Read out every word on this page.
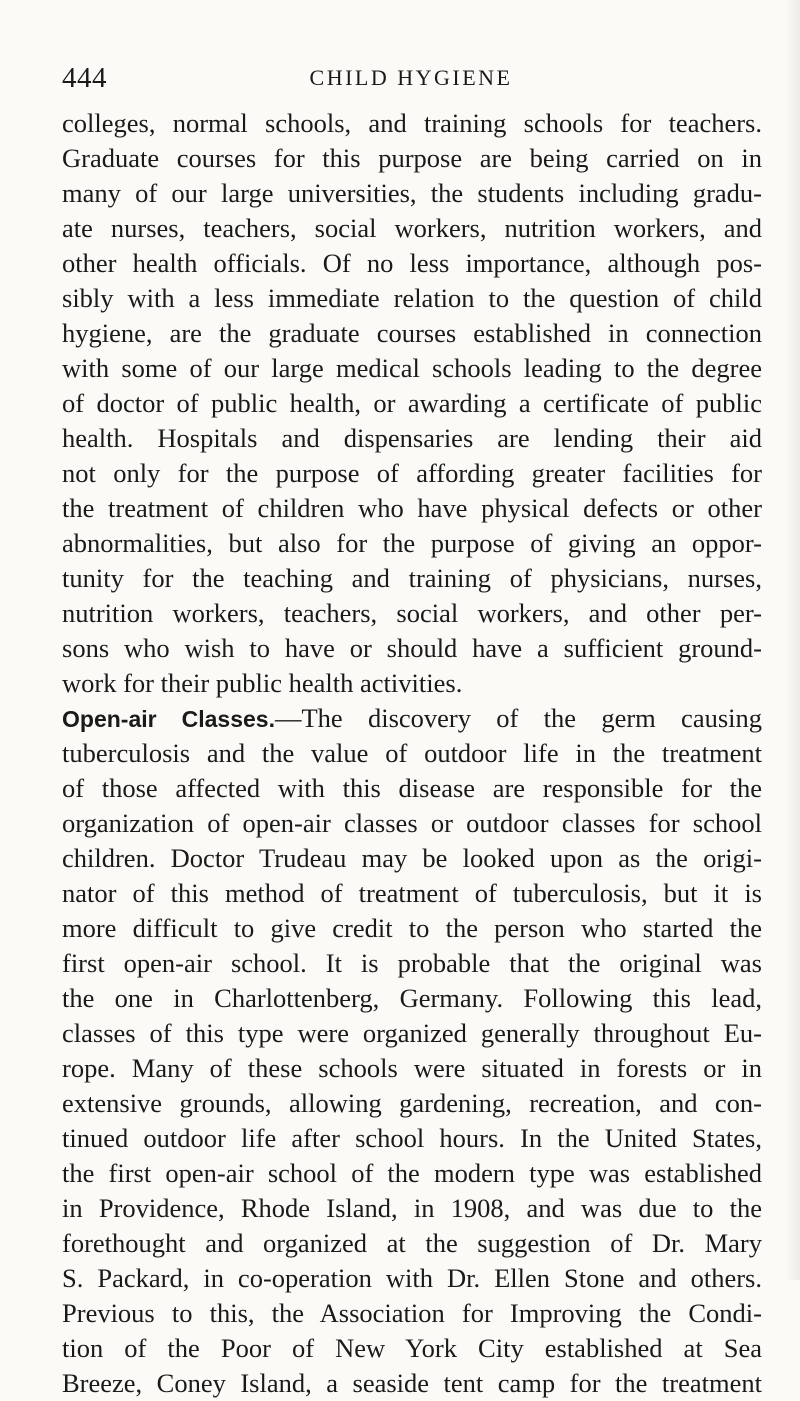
444	CHILD HYGIENE
colleges, normal schools, and training schools for teachers.
Graduate courses for this purpose are being carried on in
many of our large universities, the students including gradu-
ate nurses, teachers, social workers, nutrition workers, and
other health officials. Of no less importance, although pos-
sibly with a less immediate relation to the question of child
hygiene, are the graduate courses established in connection
with some of our large medical schools leading to the degree
of doctor of public health, or awarding a certificate of public
health. Hospitals and dispensaries are lending their aid
not only for the purpose of affording greater facilities for
the treatment of children who have physical defects or other
abnormalities, but also for the purpose of giving an oppor-
tunity for the teaching and training of physicians, nurses,
nutrition workers, teachers, social workers, and other per-
sons who wish to have or should have a sufficient ground-
work for their public health activities.
Open-air Classes.—The discovery of the germ causing
tuberculosis and the value of outdoor life in the treatment
of those affected with this disease are responsible for the
organization of open-air classes or outdoor classes for school
children. Doctor Trudeau may be looked upon as the origi-
nator of this method of treatment of tuberculosis, but it is
more difficult to give credit to the person who started the
first open-air school. It is probable that the original was
the one in Charlottenberg, Germany. Following this lead,
classes of this type were organized generally throughout Eu-
rope. Many of these schools were situated in forests or in
extensive grounds, allowing gardening, recreation, and con-
tinued outdoor life after school hours. In the United States,
the first open-air school of the modern type was established
in Providence, Rhode Island, in 1908, and was due to the
forethought and organized at the suggestion of Dr. Mary
S. Packard, in co-operation with Dr. Ellen Stone and others.
Previous to this, the Association for Improving the Condi-
tion of the Poor of New York City established at Sea
Breeze, Coney Island, a seaside tent camp for the treatment
